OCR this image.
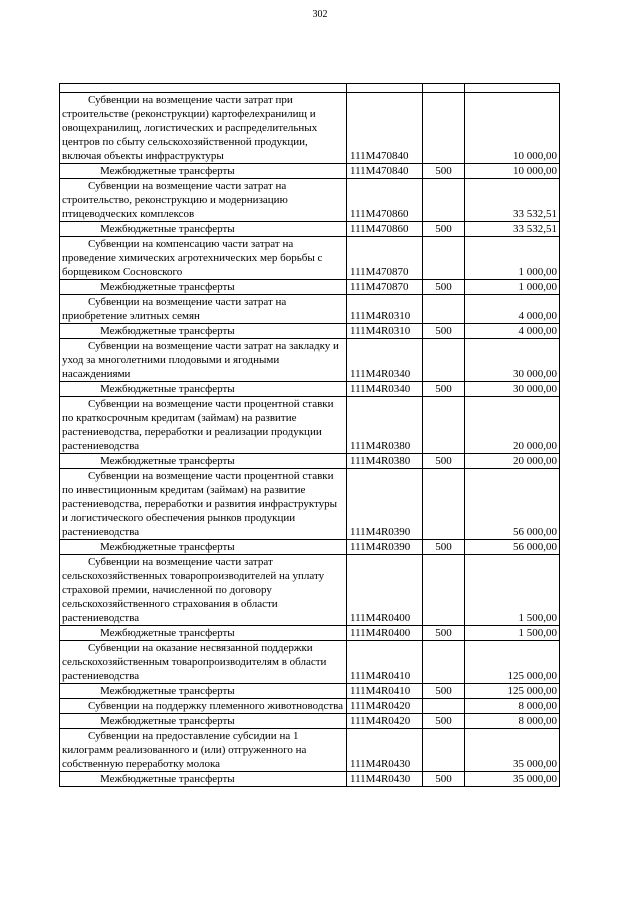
302

Субвенции на возмещение части затрат при строительстве (реконструкции) картофелехранилищ и овощехранилищ, логистических и распределительных центров по сбыту сельскохозяйственной продукции, включая объекты инфраструктуры	111M470840		10 000,00
Межбюджетные трансферты	111M470840	500	10 000,00
Субвенции на возмещение части затрат на строительство, реконструкцию и модернизацию птицеводческих комплексов	111M470860		33 532,51
Межбюджетные трансферты	111M470860	500	33 532,51
Субвенции на компенсацию части затрат на проведение химических агротехнических мер борьбы с борщевиком Сосновского	111M470870		1 000,00
Межбюджетные трансферты	111M470870	500	1 000,00
Субвенции на возмещение части затрат на приобретение элитных семян	111M4R0310		4 000,00
Межбюджетные трансферты	111M4R0310	500	4 000,00
Субвенции на возмещение части затрат на закладку и уход за многолетними плодовыми и ягодными насаждениями	111M4R0340		30 000,00
Межбюджетные трансферты	111M4R0340	500	30 000,00
Субвенции на возмещение части процентной ставки по краткосрочным кредитам (займам) на развитие растениеводства, переработки и реализации продукции растениеводства	111M4R0380		20 000,00
Межбюджетные трансферты	111M4R0380	500	20 000,00
Субвенции на возмещение части процентной ставки по инвестиционным кредитам (займам) на развитие растениеводства, переработки и развития инфраструктуры и логистического обеспечения рынков продукции растениеводства	111M4R0390		56 000,00
Межбюджетные трансферты	111M4R0390	500	56 000,00
Субвенции на возмещение части затрат сельскохозяйственных товаропроизводителей на уплату страховой премии, начисленной по договору сельскохозяйственного страхования в области растениеводства	111M4R0400		1 500,00
Межбюджетные трансферты	111M4R0400	500	1 500,00
Субвенции на оказание несвязанной поддержки сельскохозяйственным товаропроизводителям в области растениеводства	111M4R0410		125 000,00
Межбюджетные трансферты	111M4R0410	500	125 000,00
Субвенции на поддержку племенного животноводства	111M4R0420		8 000,00
Межбюджетные трансферты	111M4R0420	500	8 000,00
Субвенции на предоставление субсидии на 1 килограмм реализованного и (или) отгруженного на собственную переработку молока	111M4R0430		35 000,00
Межбюджетные трансферты	111M4R0430	500	35 000,00
